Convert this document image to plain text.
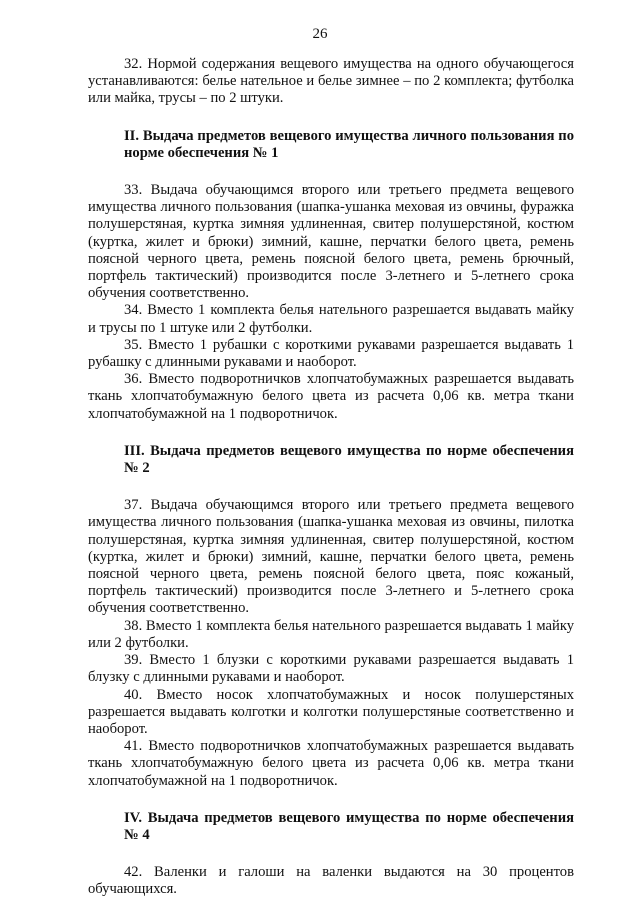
26

32. Нормой содержания вещевого имущества на одного обучающегося устанавливаются: белье нательное и белье зимнее – по 2 комплекта; футболка или майка, трусы – по 2 штуки.

II. Выдача предметов вещевого имущества личного пользования по норме обеспечения № 1

33. Выдача обучающимся второго или третьего предмета вещевого имущества личного пользования (шапка-ушанка меховая из овчины, фуражка полушерстяная, куртка зимняя удлиненная, свитер полушерстяной, костюм (куртка, жилет и брюки) зимний, кашне, перчатки белого цвета, ремень поясной черного цвета, ремень поясной белого цвета, ремень брючный, портфель тактический) производится после 3-летнего и 5-летнего срока обучения соответственно.

34. Вместо 1 комплекта белья нательного разрешается выдавать майку и трусы по 1 штуке или 2 футболки.

35. Вместо 1 рубашки с короткими рукавами разрешается выдавать 1 рубашку с длинными рукавами и наоборот.

36. Вместо подворотничков хлопчатобумажных разрешается выдавать ткань хлопчатобумажную белого цвета из расчета 0,06 кв. метра ткани хлопчатобумажной на 1 подворотничок.

III. Выдача предметов вещевого имущества по норме обеспечения № 2

37. Выдача обучающимся второго или третьего предмета вещевого имущества личного пользования (шапка-ушанка меховая из овчины, пилотка полушерстяная, куртка зимняя удлиненная, свитер полушерстяной, костюм (куртка, жилет и брюки) зимний, кашне, перчатки белого цвета, ремень поясной черного цвета, ремень поясной белого цвета, пояс кожаный, портфель тактический) производится после 3-летнего и 5-летнего срока обучения соответственно.

38. Вместо 1 комплекта белья нательного разрешается выдавать 1 майку или 2 футболки.

39. Вместо 1 блузки с короткими рукавами разрешается выдавать 1 блузку с длинными рукавами и наоборот.

40. Вместо носок хлопчатобумажных и носок полушерстяных разрешается выдавать колготки и колготки полушерстяные соответственно и наоборот.

41. Вместо подворотничков хлопчатобумажных разрешается выдавать ткань хлопчатобумажную белого цвета из расчета 0,06 кв. метра ткани хлопчатобумажной на 1 подворотничок.

IV. Выдача предметов вещевого имущества по норме обеспечения № 4

42. Валенки и галоши на валенки выдаются на 30 процентов обучающихся.
